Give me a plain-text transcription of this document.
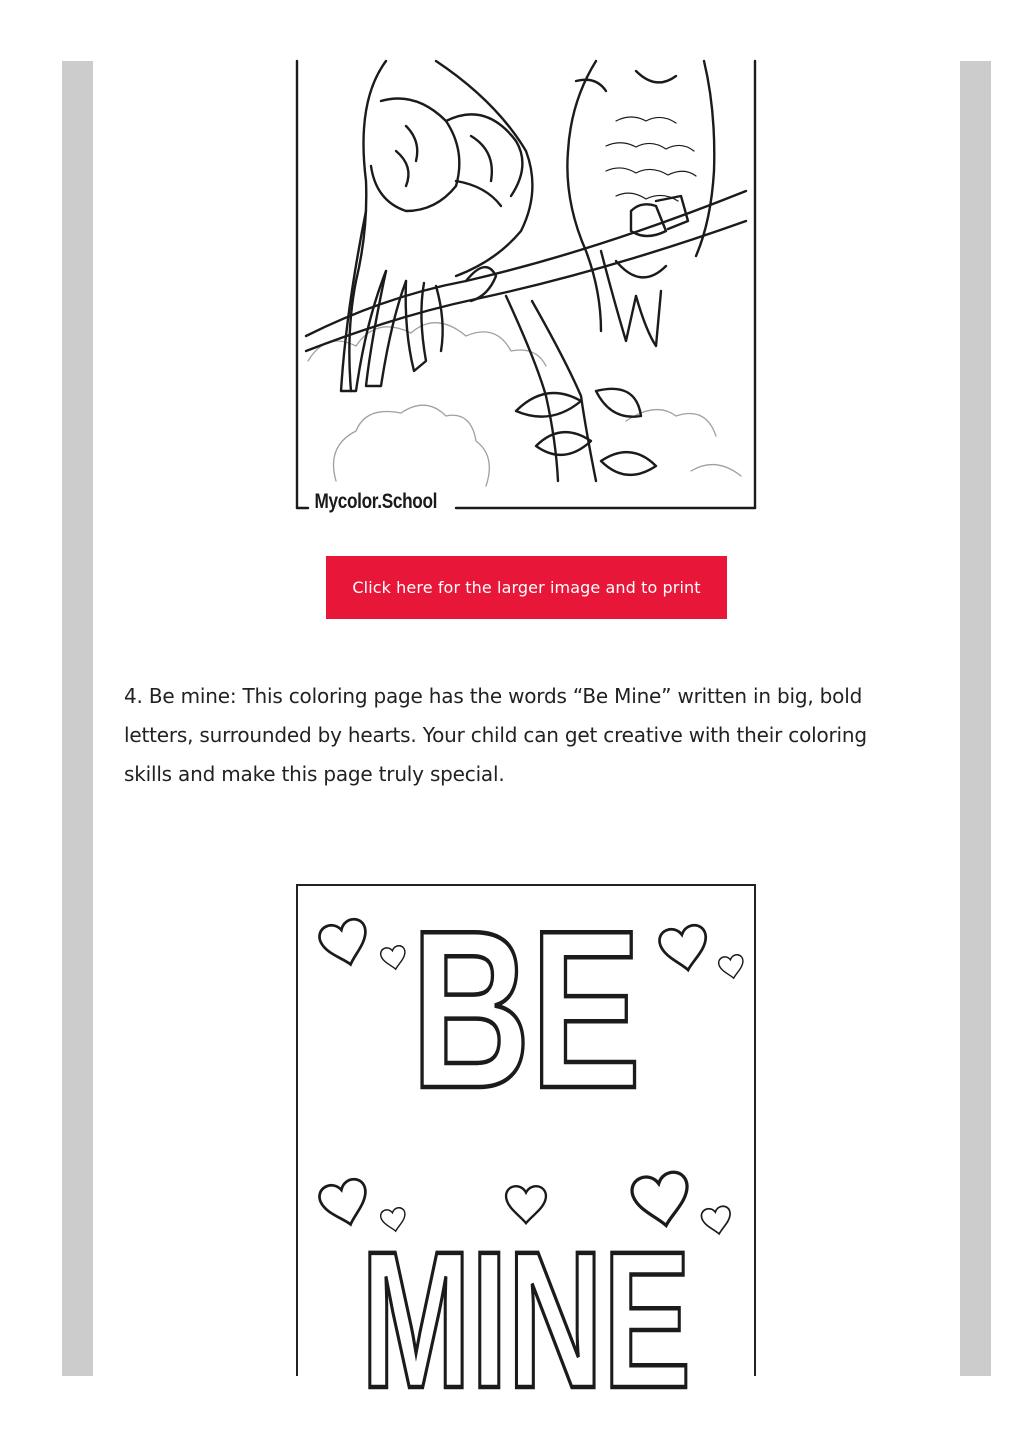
Mycolor.School
Click here for the larger image and to print

4. Be mine: This coloring page has the words “Be Mine” written in big, bold letters, surrounded by hearts. Your child can get creative with their coloring skills and make this page truly special.

BE
MINE
